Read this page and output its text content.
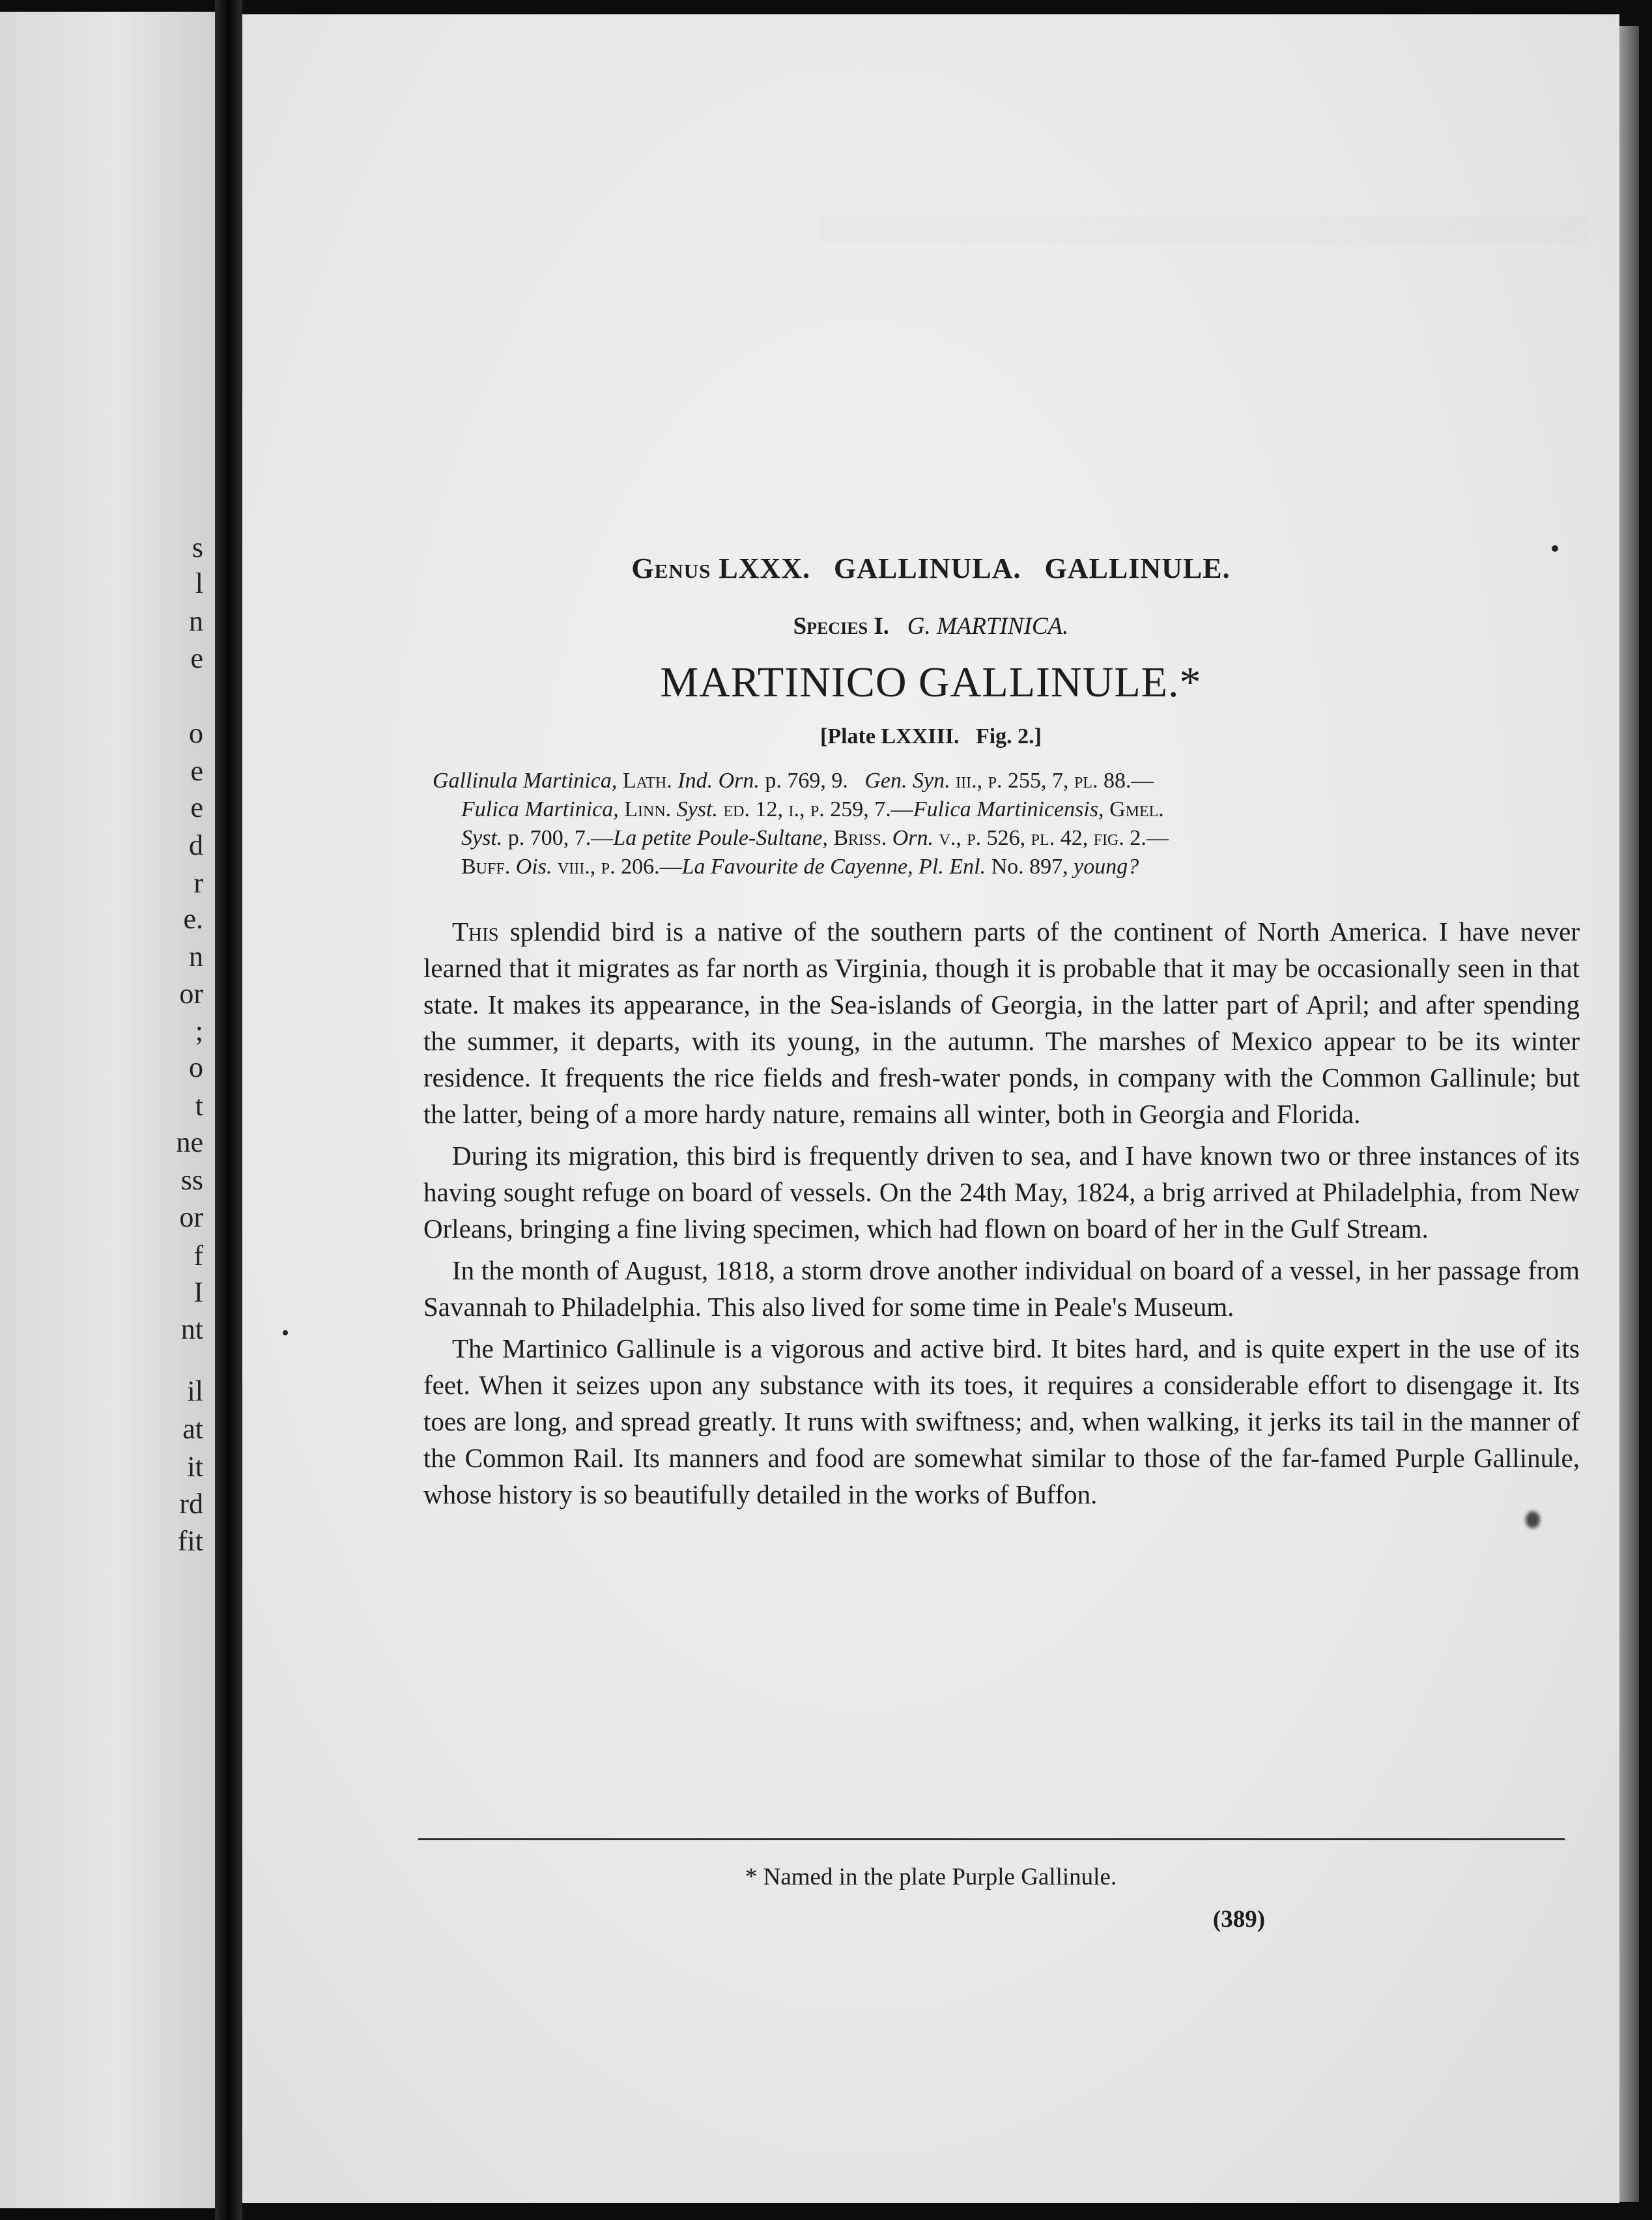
s
l
n
e
o
e
e
d
r
e.
n
or
;
o
t
ne
ss
or
f
I
nt
il
at
it
rd
fit
░░░░░░░░░░░░░░░░░░░░░░░░░░░░░░░░░░░░░░░░░░░░
Genus LXXX.   GALLINULA.   GALLINULE.
Species I. G. MARTINICA.
MARTINICO GALLINULE.*
[Plate LXXIII.   Fig. 2.]
Gallinula Martinica, Lath. Ind. Orn. p. 769, 9.   Gen. Syn. iii., p. 255, 7, pl. 88.—
Fulica Martinica, Linn. Syst. ed. 12, i., p. 259, 7.—Fulica Martinicensis, Gmel.
Syst. p. 700, 7.—La petite Poule-Sultane, Briss. Orn. v., p. 526, pl. 42, fig. 2.—
Buff. Ois. viii., p. 206.—La Favourite de Cayenne, Pl. Enl. No. 897, young?

This splendid bird is a native of the southern parts of the continent of North America. I have never learned that it migrates as far north as Virginia, though it is probable that it may be occasionally seen in that state. It makes its appearance, in the Sea-islands of Georgia, in the latter part of April; and after spending the summer, it departs, with its young, in the autumn. The marshes of Mexico appear to be its winter residence. It frequents the rice fields and fresh-water ponds, in company with the Common Gallinule; but the latter, being of a more hardy nature, remains all winter, both in Georgia and Florida.

During its migration, this bird is frequently driven to sea, and I have known two or three instances of its having sought refuge on board of vessels. On the 24th May, 1824, a brig arrived at Philadelphia, from New Orleans, bringing a fine living specimen, which had flown on board of her in the Gulf Stream.

In the month of August, 1818, a storm drove another individual on board of a vessel, in her passage from Savannah to Philadelphia. This also lived for some time in Peale's Museum.

The Martinico Gallinule is a vigorous and active bird. It bites hard, and is quite expert in the use of its feet. When it seizes upon any substance with its toes, it requires a considerable effort to disengage it. Its toes are long, and spread greatly. It runs with swiftness; and, when walking, it jerks its tail in the manner of the Common Rail. Its manners and food are somewhat similar to those of the far-famed Purple Gallinule, whose history is so beautifully detailed in the works of Buffon.

* Named in the plate Purple Gallinule.
(389)
